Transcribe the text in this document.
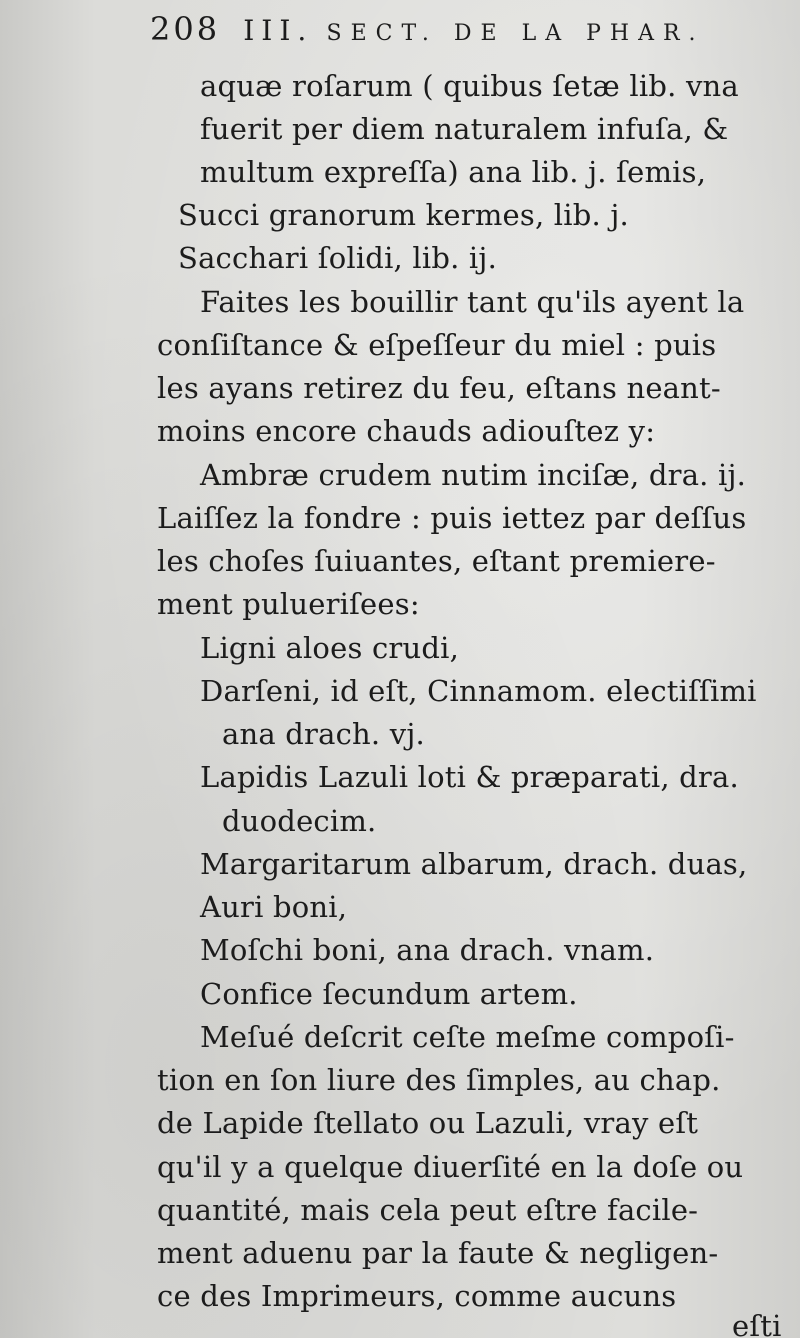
208 III. SECT. DE LA PHAR.
aquæ roſarum ( quibus ſetæ lib. vna
fuerit per diem naturalem infuſa, &
multum expreſſa) ana lib. j. ſemis,
Succi granorum kermes, lib. j.
Sacchari ſolidi, lib. ij.
Faites les bouillir tant qu'ils ayent la
conſiſtance & eſpeſſeur du miel : puis
les ayans retirez du feu, eſtans neant-
moins encore chauds adiouſtez y:
Ambræ crudem nutim inciſæ, dra. ij.
Laiſſez la fondre : puis iettez par deſſus
les choſes ſuiuantes, eſtant premiere-
ment pulueriſees:
Ligni aloes crudi,
Darſeni, id eſt, Cinnamom. electiſſimi
ana drach. vj.
Lapidis Lazuli loti & præparati, dra.
duodecim.
Margaritarum albarum, drach. duas,
Auri boni,
Moſchi boni, ana drach. vnam.
Confice ſecundum artem.
Meſué deſcrit ceſte meſme compoſi-
tion en ſon liure des ſimples, au chap.
de Lapide ſtellato ou Lazuli, vray eſt
qu'il y a quelque diuerſité en la doſe ou
quantité, mais cela peut eſtre facile-
ment aduenu par la faute & negligen-
ce des Imprimeurs, comme aucuns
eſti
